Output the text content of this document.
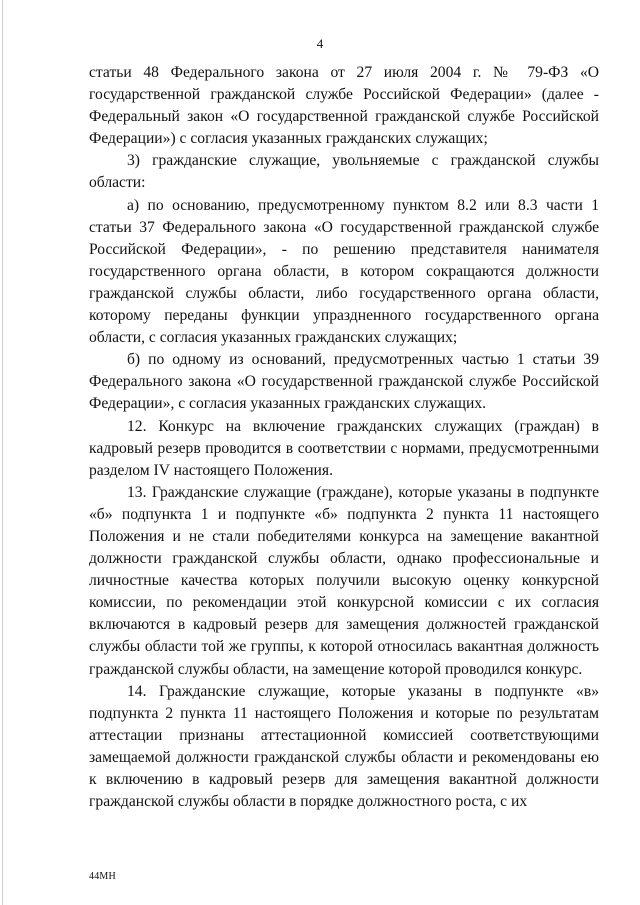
4

статьи 48 Федерального закона от 27 июля 2004 г. № 79-ФЗ «О государственной гражданской службе Российской Федерации» (далее - Федеральный закон «О государственной гражданской службе Российской Федерации») с согласия указанных гражданских служащих;

3) гражданские служащие, увольняемые с гражданской службы области:

а) по основанию, предусмотренному пунктом 8.2 или 8.3 части 1 статьи 37 Федерального закона «О государственной гражданской службе Российской Федерации», - по решению представителя нанимателя государственного органа области, в котором сокращаются должности гражданской службы области, либо государственного органа области, которому переданы функции упраздненного государственного органа области, с согласия указанных гражданских служащих;

б) по одному из оснований, предусмотренных частью 1 статьи 39 Федерального закона «О государственной гражданской службе Российской Федерации», с согласия указанных гражданских служащих.

12. Конкурс на включение гражданских служащих (граждан) в кадровый резерв проводится в соответствии с нормами, предусмотренными разделом IV настоящего Положения.

13. Гражданские служащие (граждане), которые указаны в подпункте «б» подпункта 1 и подпункте «б» подпункта 2 пункта 11 настоящего Положения и не стали победителями конкурса на замещение вакантной должности гражданской службы области, однако профессиональные и личностные качества которых получили высокую оценку конкурсной комиссии, по рекомендации этой конкурсной комиссии с их согласия включаются в кадровый резерв для замещения должностей гражданской службы области той же группы, к которой относилась вакантная должность гражданской службы области, на замещение которой проводился конкурс.

14. Гражданские служащие, которые указаны в подпункте «в» подпункта 2 пункта 11 настоящего Положения и которые по результатам аттестации признаны аттестационной комиссией соответствующими замещаемой должности гражданской службы области и рекомендованы ею к включению в кадровый резерв для замещения вакантной должности гражданской службы области в порядке должностного роста, с их

44МН
